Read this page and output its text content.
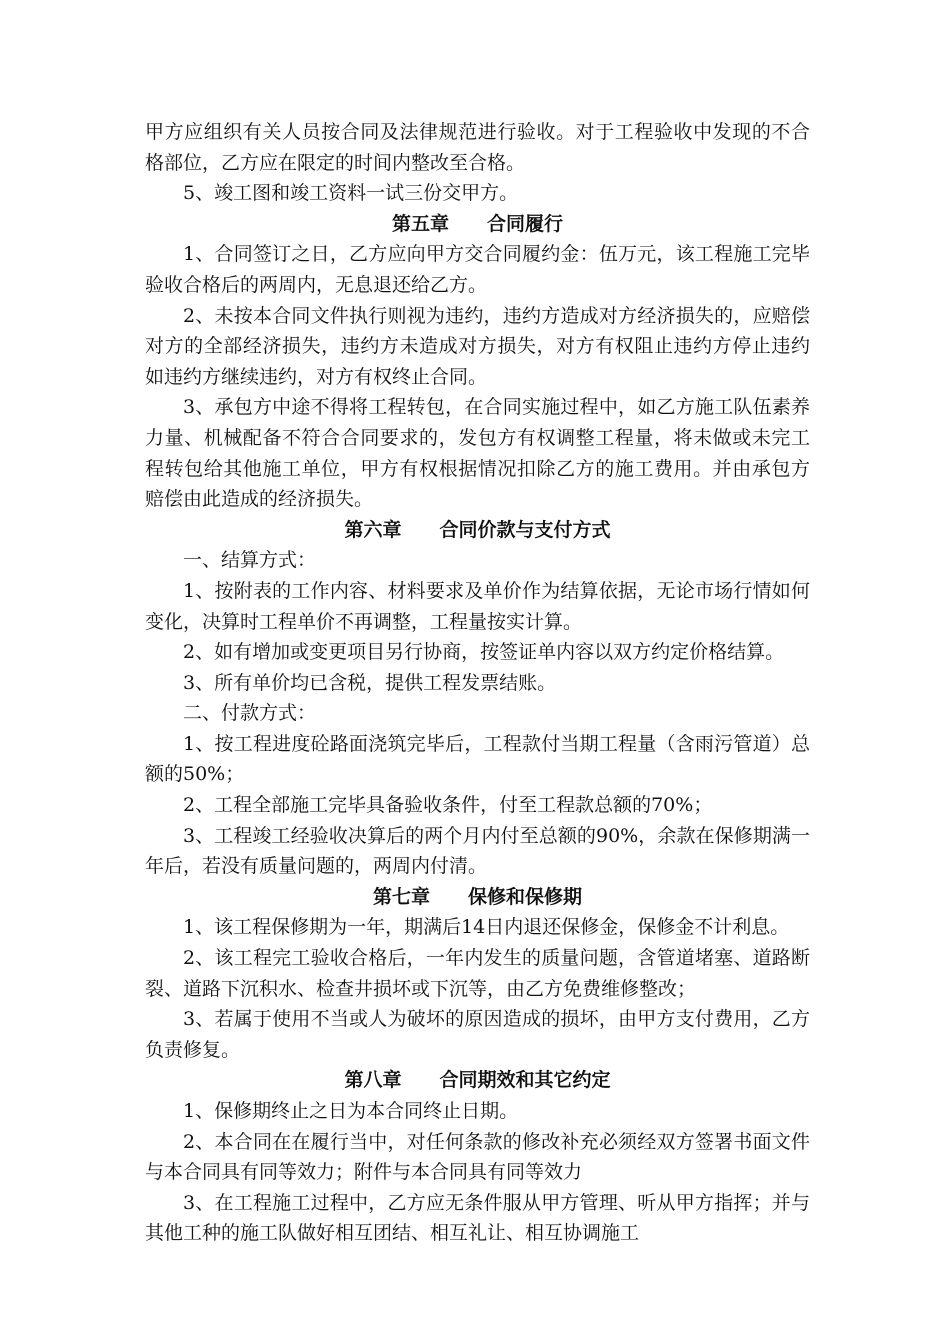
甲方应组织有关人员按合同及法律规范进行验收。对于工程验收中发现的不合
格部位，乙方应在限定的时间内整改至合格。
5、竣工图和竣工资料一试三份交甲方。
第五章　　合同履行
1、合同签订之日，乙方应向甲方交合同履约金：伍万元，该工程施工完毕
验收合格后的两周内，无息退还给乙方。
2、未按本合同文件执行则视为违约，违约方造成对方经济损失的，应赔偿
对方的全部经济损失，违约方未造成对方损失，对方有权阻止违约方停止违约
如违约方继续违约，对方有权终止合同。
3、承包方中途不得将工程转包，在合同实施过程中，如乙方施工队伍素养
力量、机械配备不符合合同要求的，发包方有权调整工程量，将未做或未完工
程转包给其他施工单位，甲方有权根据情况扣除乙方的施工费用。并由承包方
赔偿由此造成的经济损失。
第六章　　合同价款与支付方式
一、结算方式：
1、按附表的工作内容、材料要求及单价作为结算依据，无论市场行情如何
变化，决算时工程单价不再调整，工程量按实计算。
2、如有增加或变更项目另行协商，按签证单内容以双方约定价格结算。
3、所有单价均已含税，提供工程发票结账。
二、付款方式：
1、按工程进度砼路面浇筑完毕后，工程款付当期工程量（含雨污管道）总
额的50%；
2、工程全部施工完毕具备验收条件，付至工程款总额的70%；
3、工程竣工经验收决算后的两个月内付至总额的90%，余款在保修期满一
年后，若没有质量问题的，两周内付清。
第七章　　保修和保修期
1、该工程保修期为一年，期满后14日内退还保修金，保修金不计利息。
2、该工程完工验收合格后，一年内发生的质量问题，含管道堵塞、道路断
裂、道路下沉积水、检查井损坏或下沉等，由乙方免费维修整改；
3、若属于使用不当或人为破坏的原因造成的损坏，由甲方支付费用，乙方
负责修复。
第八章　　合同期效和其它约定
1、保修期终止之日为本合同终止日期。
2、本合同在在履行当中，对任何条款的修改补充必须经双方签署书面文件
与本合同具有同等效力；附件与本合同具有同等效力
3、在工程施工过程中，乙方应无条件服从甲方管理、听从甲方指挥；并与
其他工种的施工队做好相互团结、相互礼让、相互协调施工
